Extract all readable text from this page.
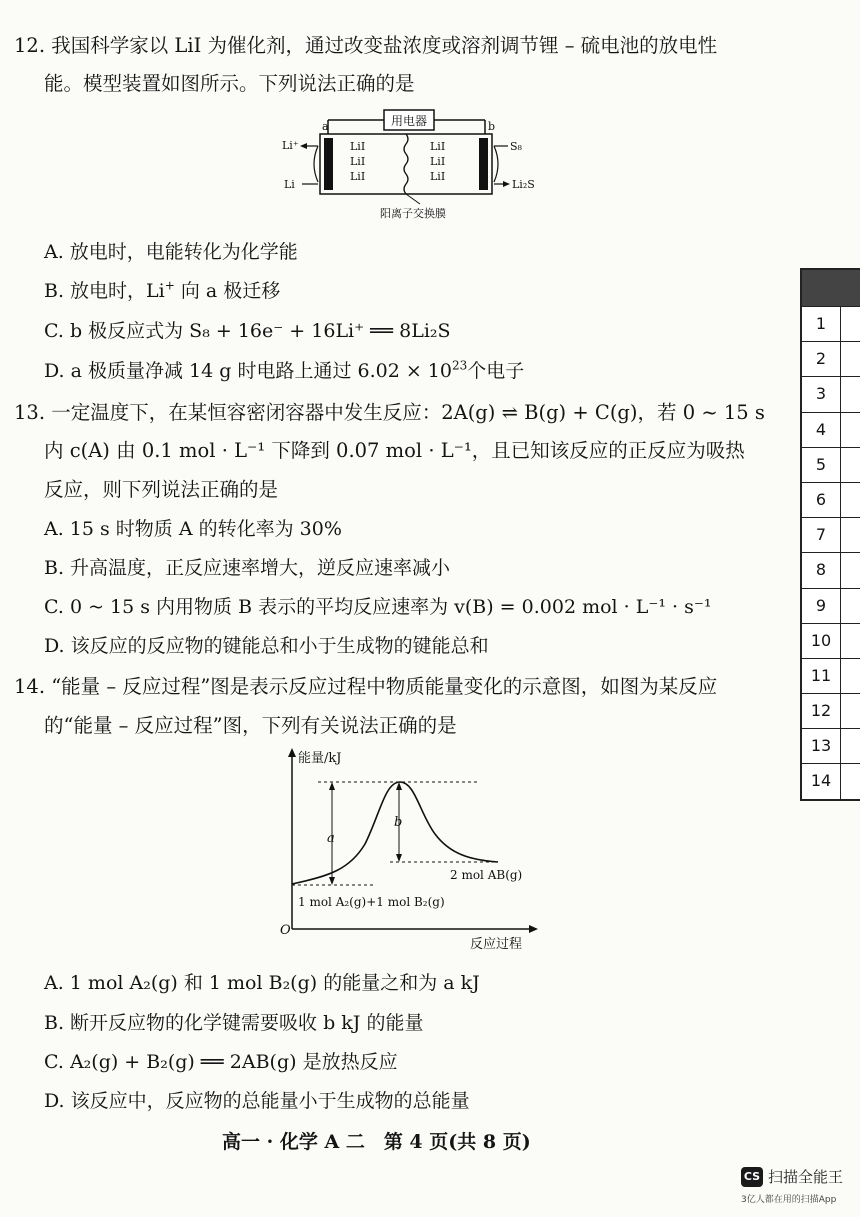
12. 我国科学家以 LiI 为催化剂，通过改变盐浓度或溶剂调节锂 – 硫电池的放电性
能。模型装置如图所示。下列说法正确的是
用电器
a	b
LiI
LiI
LiI
LiI
LiI
LiI
Li⁺
Li
S₈
Li₂S
阳离子交换膜
A. 放电时，电能转化为化学能
B. 放电时，Li+ 向 a 极迁移
C. b 极反应式为 S₈ + 16e⁻ + 16Li⁺ ══ 8Li₂S
D. a 极质量净减 14 g 时电路上通过 $6.02 \times 10^{23}$个电子
13. 一定温度下，在某恒容密闭容器中发生反应：2A(g) ⇌ B(g) + C(g)，若 0 ~ 15 s
内 c(A) 由 0.1 mol · L⁻¹ 下降到 0.07 mol · L⁻¹，且已知该反应的正反应为吸热
反应，则下列说法正确的是
A. 15 s 时物质 A 的转化率为 30%
B. 升高温度，正反应速率增大，逆反应速率减小
C. 0 ~ 15 s 内用物质 B 表示的平均反应速率为 v(B) = 0.002 mol · L⁻¹ · s⁻¹
D. 该反应的反应物的键能总和小于生成物的键能总和
14. “能量 – 反应过程”图是表示反应过程中物质能量变化的示意图，如图为某反应
的“能量 – 反应过程”图，下列有关说法正确的是
能量/kJ
反应过程
O
a
b
2 mol AB(g)
1 mol A₂(g)+1 mol B₂(g)
A. 1 mol A₂(g) 和 1 mol B₂(g) 的能量之和为 a kJ
B. 断开反应物的化学键需要吸收 b kJ 的能量
C. A₂(g) + B₂(g) ══ 2AB(g) 是放热反应
D. 该反应中，反应物的总能量小于生成物的总能量
高一 · 化学 A 二　第 4 页(共 8 页)
1
2
3
4
5
6
7
8
9
10
11
12
13
14
CS 扫描全能王
3亿人都在用的扫描App
